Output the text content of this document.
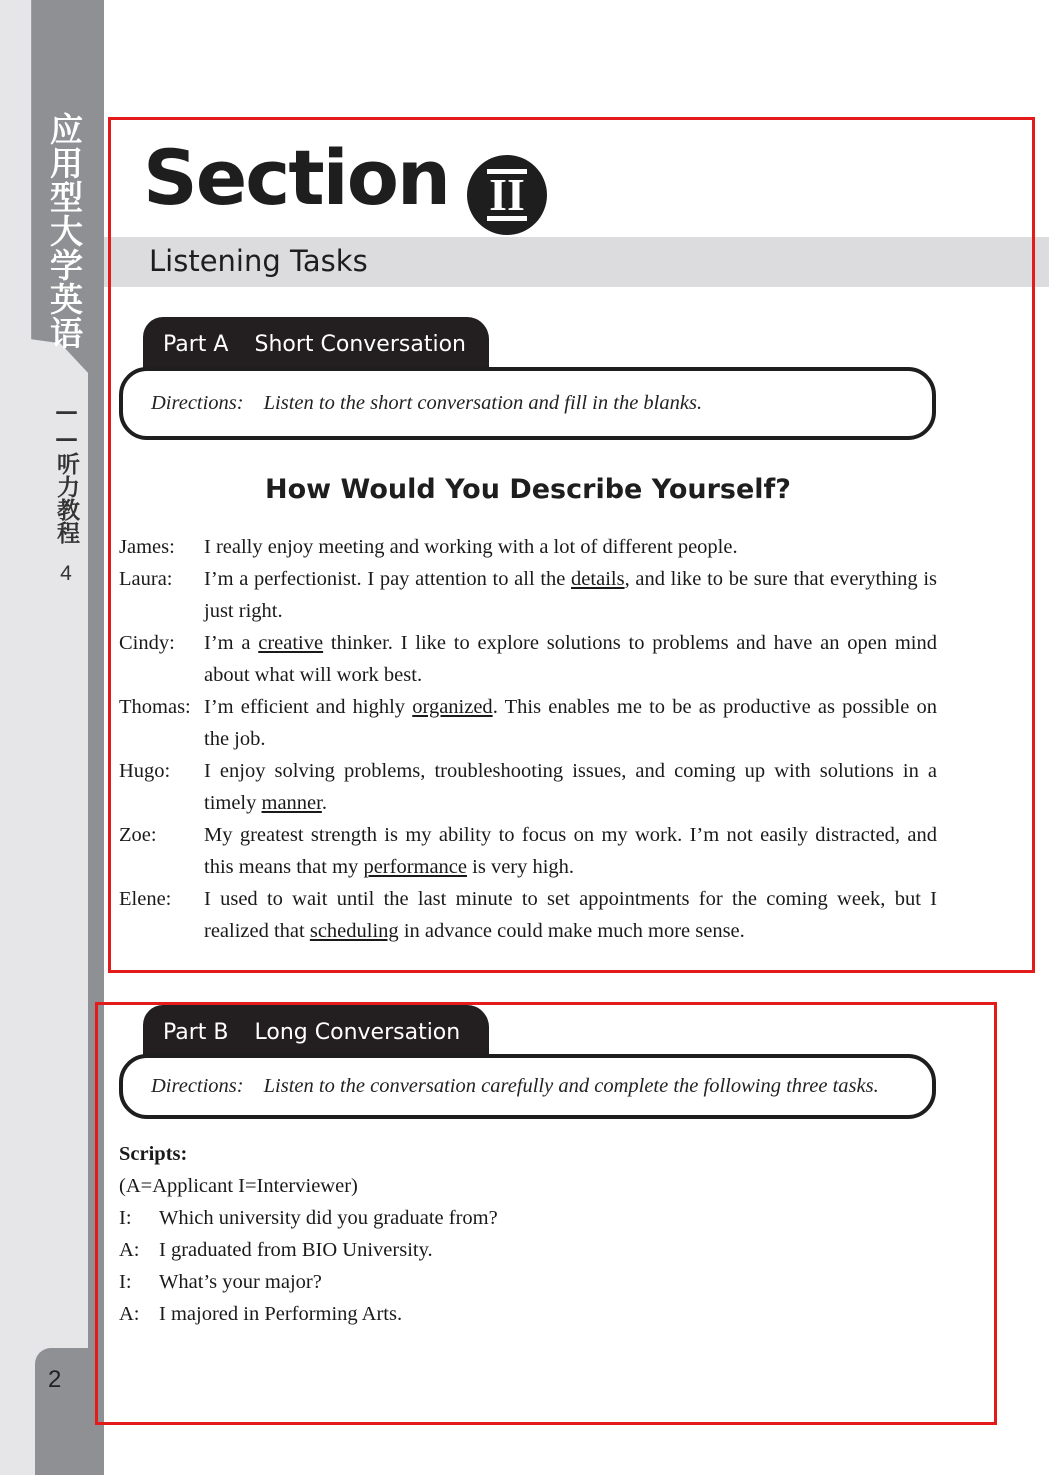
应用型大学英语
——听力教程
4
2
Section II
Listening Tasks
Part A Short Conversation
Directions: Listen to the short conversation and fill in the blanks.
How Would You Describe Yourself?
James:	I really enjoy meeting and working with a lot of different people.
Laura:	I’m a perfectionist. I pay attention to all the details, and like to be sure that everything is just right.
Cindy:	I’m a creative thinker. I like to explore solutions to problems and have an open mind about what will work best.
Thomas: I’m efficient and highly organized. This enables me to be as productive as possible on the job.
Hugo:	I enjoy solving problems, troubleshooting issues, and coming up with solutions in a timely manner.
Zoe:	My greatest strength is my ability to focus on my work. I’m not easily distracted, and this means that my performance is very high.
Elene:	I used to wait until the last minute to set appointments for the coming week, but I realized that scheduling in advance could make much more sense.
Part B Long Conversation
Directions: Listen to the conversation carefully and complete the following three tasks.
Scripts:
(A=Applicant I=Interviewer)
I:	Which university did you graduate from?
A: I graduated from BIO University.
I:	What’s your major?
A: I majored in Performing Arts.
